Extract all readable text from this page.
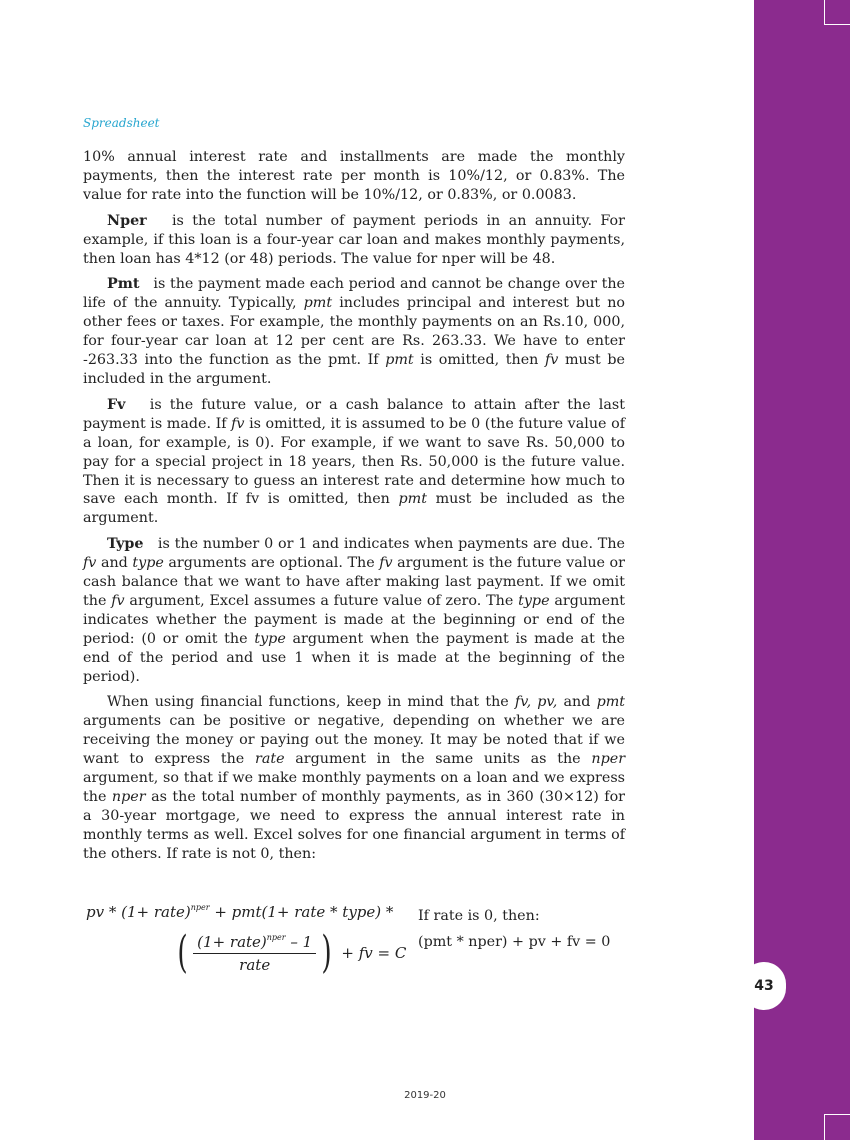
43
Spreadsheet

10% annual interest rate and installments are made the monthly payments, then the interest rate per month is 10%/12, or 0.83%. The value for rate into the function will be 10%/12, or 0.83%, or 0.0083.

Nper is the total number of payment periods in an annuity. For example, if this loan is a four-year car loan and makes monthly payments, then loan has 4*12 (or 48) periods. The value for nper will be 48.

Pmt is the payment made each period and cannot be change over the life of the annuity. Typically, pmt includes principal and interest but no other fees or taxes. For example, the monthly payments on an Rs.10, 000, for four-year car loan at 12 per cent are Rs. 263.33. We have to enter -263.33 into the function as the pmt. If pmt is omitted, then fv must be included in the argument.

Fv is the future value, or a cash balance to attain after the last payment is made. If fv is omitted, it is assumed to be 0 (the future value of a loan, for example, is 0). For example, if we want to save Rs. 50,000 to pay for a special project in 18 years, then Rs. 50,000 is the future value. Then it is necessary to guess an interest rate and determine how much to save each month. If fv is omitted, then pmt must be included as the argument.

Type is the number 0 or 1 and indicates when payments are due. The fv and type arguments are optional. The fv argument is the future value or cash balance that we want to have after making last payment. If we omit the fv argument, Excel assumes a future value of zero. The type argument indicates whether the payment is made at the beginning or end of the period: (0 or omit the type argument when the payment is made at the end of the period and use 1 when it is made at the beginning of the period).

When using financial functions, keep in mind that the fv, pv, and pmt arguments can be positive or negative, depending on whether we are receiving the money or paying out the money. It may be noted that if we want to express the rate argument in the same units as the nper argument, so that if we make monthly payments on a loan and we express the nper as the total number of monthly payments, as in 360 (30×12) for a 30-year mortgage, we need to express the annual interest rate in monthly terms as well. Excel solves for one financial argument in terms of the others. If rate is not 0, then:

pv * (1+ rate)$^{nper}$ + pmt(1+ rate * type) *
( $\frac{(1+ rate)^{nper} - 1}{\text{rate}}$ ) + fv = C
If rate is 0, then:
(pmt * nper) + pv + fv = 0
2019-20
